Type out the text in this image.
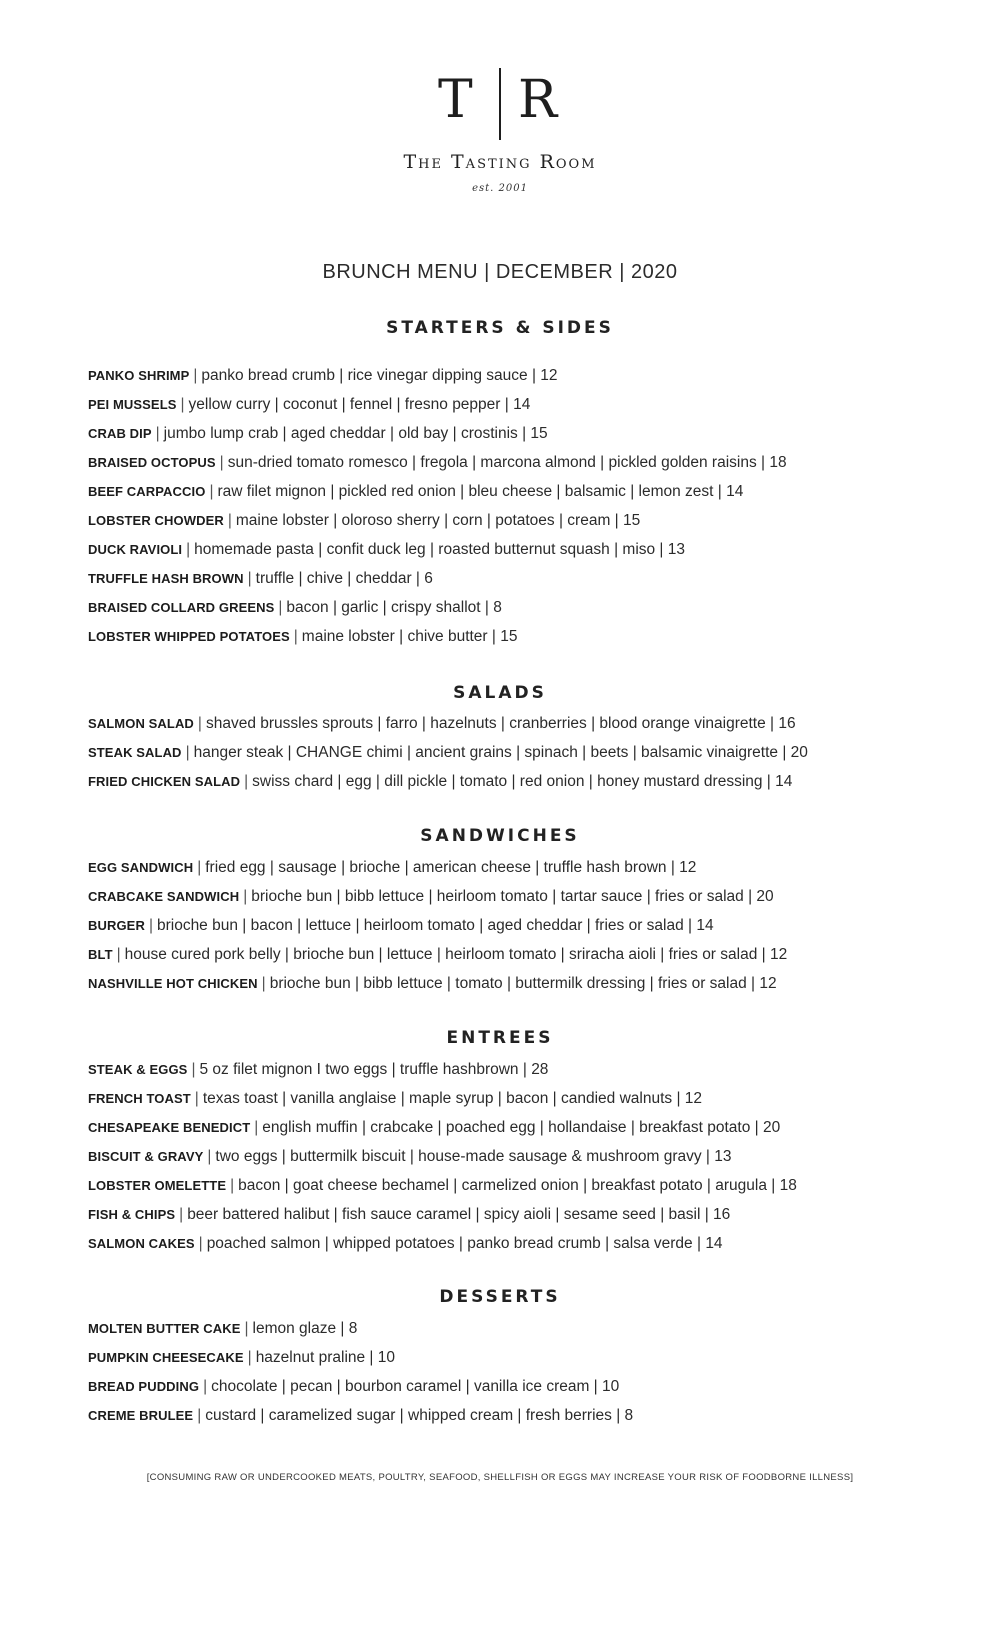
T R
The Tasting Room
est. 2001
BRUNCH MENU | DECEMBER | 2020
STARTERS & SIDES
PANKO SHRIMP | panko bread crumb | rice vinegar dipping sauce | 12
PEI MUSSELS | yellow curry | coconut | fennel | fresno pepper | 14
CRAB DIP | jumbo lump crab | aged cheddar | old bay | crostinis | 15
BRAISED OCTOPUS | sun-dried tomato romesco | fregola | marcona almond | pickled golden raisins | 18
BEEF CARPACCIO | raw filet mignon | pickled red onion | bleu cheese | balsamic | lemon zest | 14
LOBSTER CHOWDER | maine lobster | oloroso sherry | corn | potatoes | cream | 15
DUCK RAVIOLI | homemade pasta | confit duck leg | roasted butternut squash | miso | 13
TRUFFLE HASH BROWN | truffle | chive | cheddar | 6
BRAISED COLLARD GREENS | bacon | garlic | crispy shallot | 8
LOBSTER WHIPPED POTATOES | maine lobster | chive butter | 15
SALADS
SALMON SALAD | shaved brussles sprouts | farro | hazelnuts | cranberries | blood orange vinaigrette | 16
STEAK SALAD | hanger steak | CHANGE chimi | ancient grains | spinach | beets | balsamic vinaigrette | 20
FRIED CHICKEN SALAD | swiss chard | egg | dill pickle | tomato | red onion | honey mustard dressing | 14
SANDWICHES
EGG SANDWICH | fried egg | sausage | brioche | american cheese | truffle hash brown | 12
CRABCAKE SANDWICH | brioche bun | bibb lettuce | heirloom tomato | tartar sauce | fries or salad | 20
BURGER | brioche bun | bacon | lettuce | heirloom tomato | aged cheddar | fries or salad | 14
BLT | house cured pork belly | brioche bun | lettuce | heirloom tomato | sriracha aioli | fries or salad | 12
NASHVILLE HOT CHICKEN | brioche bun | bibb lettuce | tomato | buttermilk dressing | fries or salad | 12
ENTREES
STEAK & EGGS | 5 oz filet mignon I two eggs | truffle hashbrown | 28
FRENCH TOAST | texas toast | vanilla anglaise | maple syrup | bacon | candied walnuts | 12
CHESAPEAKE BENEDICT | english muffin | crabcake | poached egg | hollandaise | breakfast potato | 20
BISCUIT & GRAVY | two eggs | buttermilk biscuit | house-made sausage & mushroom gravy | 13
LOBSTER OMELETTE | bacon | goat cheese bechamel | carmelized onion | breakfast potato | arugula | 18
FISH & CHIPS | beer battered halibut | fish sauce caramel | spicy aioli | sesame seed | basil | 16
SALMON CAKES | poached salmon | whipped potatoes | panko bread crumb | salsa verde | 14
DESSERTS
MOLTEN BUTTER CAKE | lemon glaze | 8
PUMPKIN CHEESECAKE | hazelnut praline | 10
BREAD PUDDING | chocolate | pecan | bourbon caramel | vanilla ice cream | 10
CREME BRULEE | custard | caramelized sugar | whipped cream | fresh berries | 8
[CONSUMING RAW OR UNDERCOOKED MEATS, POULTRY, SEAFOOD, SHELLFISH OR EGGS MAY INCREASE YOUR RISK OF FOODBORNE ILLNESS]
